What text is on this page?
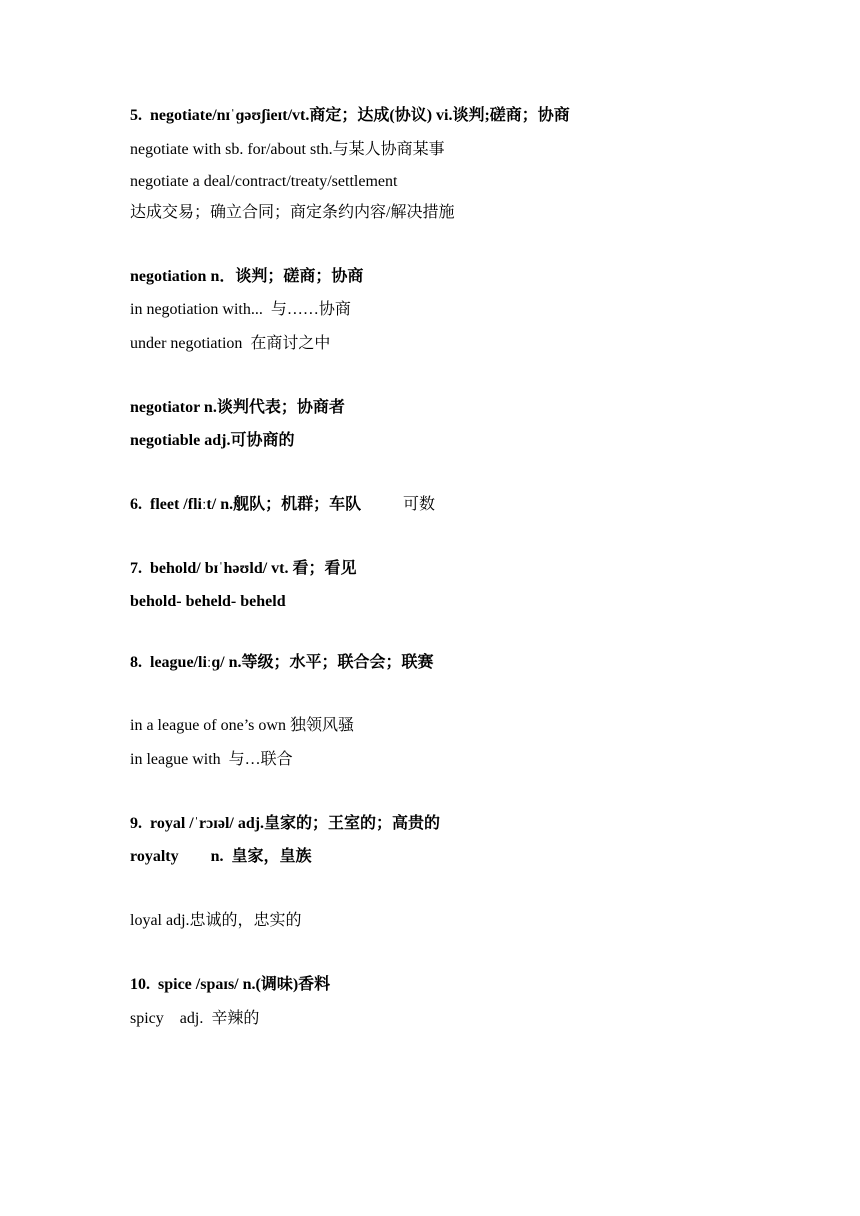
5.  negotiate/nɪˈɡəʊʃieɪt/vt.商定；达成(协议) vi.谈判;磋商；协商
negotiate with sb. for/about sth.与某人协商某事
negotiate a deal/contract/treaty/settlement
达成交易；确立合同；商定条约内容/解决措施
negotiation n．谈判；磋商；协商
in negotiation with...  与……协商
under negotiation  在商讨之中
negotiator n.谈判代表；协商者
negotiable adj.可协商的
6.  fleet /fliːt/ n.舰队；机群；车队	可数
7.  behold/ bɪˈhəʊld/ vt. 看；看见
behold- beheld- beheld
8.  league/liːɡ/ n.等级；水平；联合会；联赛
in a league of one’s own 独领风骚
in league with  与…联合
9.  royal /ˈrɔɪəl/ adj.皇家的；王室的；高贵的
royalty        n.  皇家，皇族
loyal adj.忠诚的，忠实的
10.  spice /spaɪs/ n.(调味)香料
spicy    adj.  辛辣的
